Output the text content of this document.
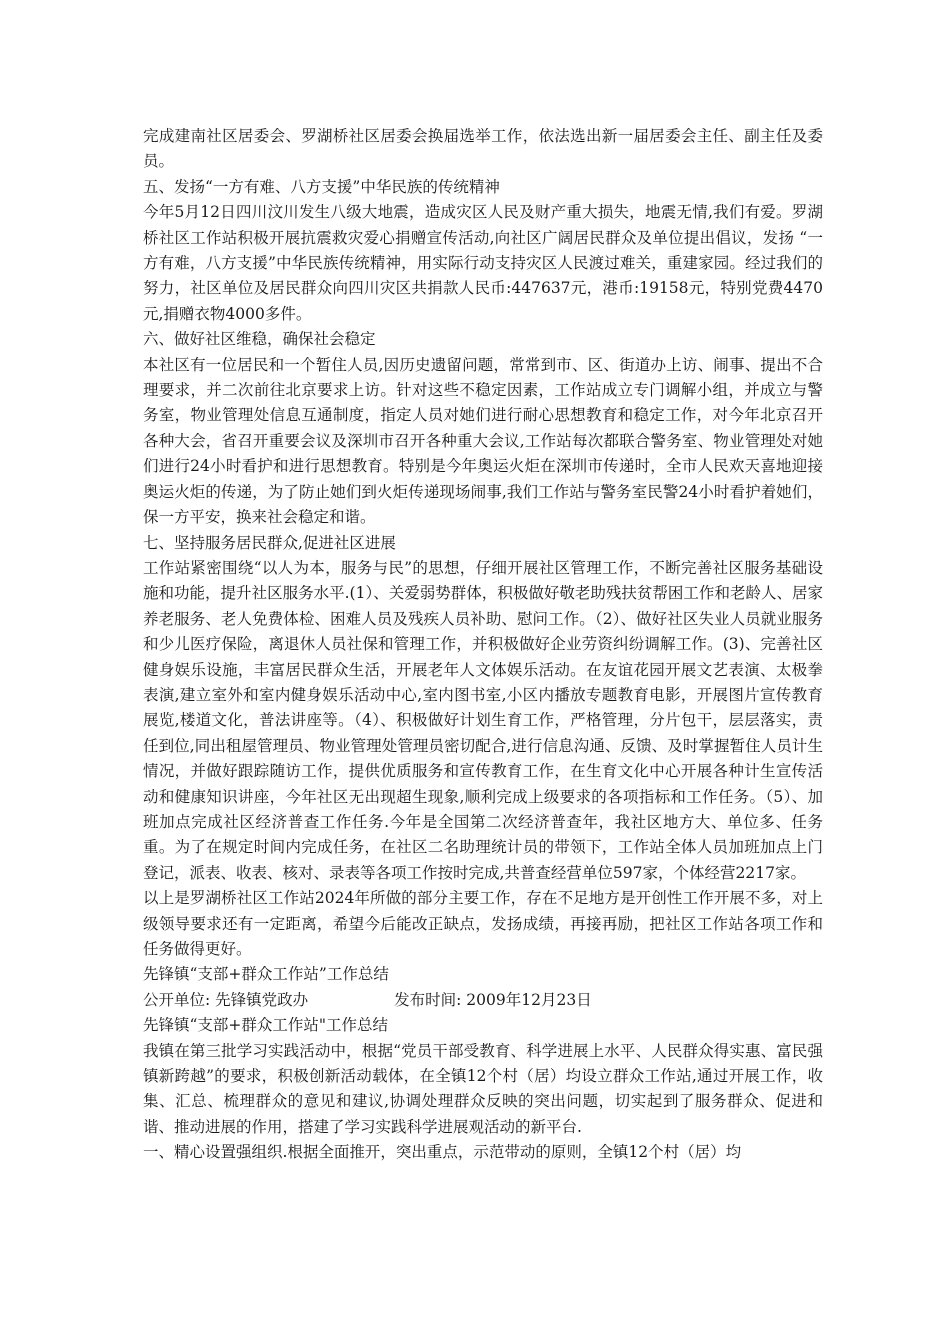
完成建南社区居委会、罗湖桥社区居委会换届选举工作，依法选出新一届居委会主任、副主任及委员。

五、发扬“一方有难、八方支援”中华民族的传统精神

今年5月12日四川汶川发生八级大地震，造成灾区人民及财产重大损失，地震无情,我们有爱。罗湖桥社区工作站积极开展抗震救灾爱心捐赠宣传活动,向社区广阔居民群众及单位提出倡议，发扬 “一方有难，八方支援”中华民族传统精神，用实际行动支持灾区人民渡过难关，重建家园。经过我们的努力，社区单位及居民群众向四川灾区共捐款人民币:447637元，港币:19158元，特别党费4470元,捐赠衣物4000多件。

六、做好社区维稳，确保社会稳定

本社区有一位居民和一个暂住人员,因历史遗留问题，常常到市、区、街道办上访、闹事、提出不合理要求，并二次前往北京要求上访。针对这些不稳定因素，工作站成立专门调解小组，并成立与警务室，物业管理处信息互通制度，指定人员对她们进行耐心思想教育和稳定工作，对今年北京召开各种大会，省召开重要会议及深圳市召开各种重大会议,工作站每次都联合警务室、物业管理处对她们进行24小时看护和进行思想教育。特别是今年奥运火炬在深圳市传递时，全市人民欢天喜地迎接奥运火炬的传递，为了防止她们到火炬传递现场闹事,我们工作站与警务室民警24小时看护着她们，保一方平安，换来社会稳定和谐。

七、坚持服务居民群众,促进社区进展

工作站紧密围绕“以人为本，服务与民”的思想，仔细开展社区管理工作，不断完善社区服务基础设施和功能，提升社区服务水平.(1）、关爱弱势群体，积极做好敬老助残扶贫帮困工作和老龄人、居家养老服务、老人免费体检、困难人员及残疾人员补助、慰问工作。（2）、做好社区失业人员就业服务和少儿医疗保险，离退休人员社保和管理工作，并积极做好企业劳资纠纷调解工作。(3)、完善社区健身娱乐设施，丰富居民群众生活，开展老年人文体娱乐活动。在友谊花园开展文艺表演、太极拳表演,建立室外和室内健身娱乐活动中心,室内图书室,小区内播放专题教育电影，开展图片宣传教育展览,楼道文化，普法讲座等。（4）、积极做好计划生育工作，严格管理，分片包干，层层落实，责任到位,同出租屋管理员、物业管理处管理员密切配合,进行信息沟通、反馈、及时掌握暂住人员计生情况，并做好跟踪随访工作，提供优质服务和宣传教育工作，在生育文化中心开展各种计生宣传活动和健康知识讲座，今年社区无出现超生现象,顺利完成上级要求的各项指标和工作任务。（5）、加班加点完成社区经济普查工作任务.今年是全国第二次经济普查年，我社区地方大、单位多、任务重。为了在规定时间内完成任务，在社区二名助理统计员的带领下，工作站全体人员加班加点上门登记，派表、收表、核对、录表等各项工作按时完成,共普查经营单位597家，个体经营2217家。

以上是罗湖桥社区工作站2024年所做的部分主要工作，存在不足地方是开创性工作开展不多，对上级领导要求还有一定距离，希望今后能改正缺点，发扬成绩，再接再励，把社区工作站各项工作和任务做得更好。

先锋镇“支部+群众工作站”工作总结

公开单位: 先锋镇党政办	发布时间: 2009年12月23日

先锋镇“支部+群众工作站"工作总结

我镇在第三批学习实践活动中，根据“党员干部受教育、科学进展上水平、人民群众得实惠、富民强镇新跨越”的要求，积极创新活动载体，在全镇12个村（居）均设立群众工作站,通过开展工作，收集、汇总、梳理群众的意见和建议,协调处理群众反映的突出问题，切实起到了服务群众、促进和谐、推动进展的作用，搭建了学习实践科学进展观活动的新平台.

一、精心设置强组织.根据全面推开，突出重点，示范带动的原则，全镇12个村（居）均
